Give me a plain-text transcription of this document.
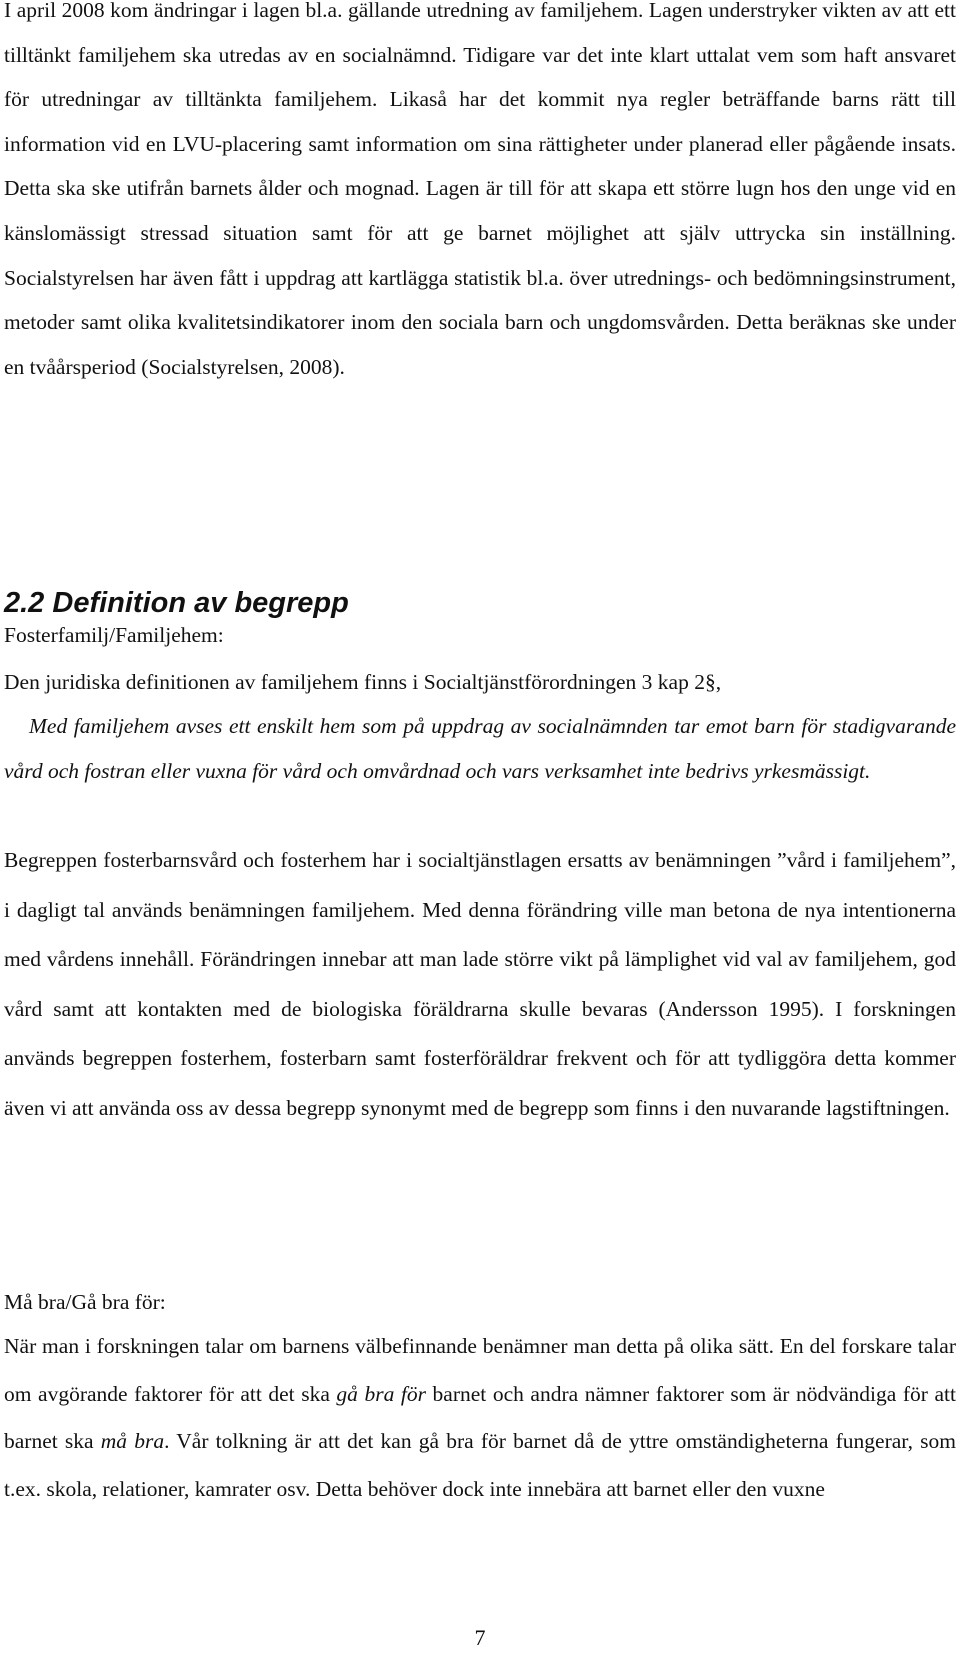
I april 2008 kom ändringar i lagen bl.a. gällande utredning av familjehem. Lagen understryker vikten av att ett tilltänkt familjehem ska utredas av en socialnämnd. Tidigare var det inte klart uttalat vem som haft ansvaret för utredningar av tilltänkta familjehem. Likaså har det kommit nya regler beträffande barns rätt till information vid en LVU-placering samt information om sina rättigheter under planerad eller pågående insats. Detta ska ske utifrån barnets ålder och mognad. Lagen är till för att skapa ett större lugn hos den unge vid en känslomässigt stressad situation samt för att ge barnet möjlighet att själv uttrycka sin inställning. Socialstyrelsen har även fått i uppdrag att kartlägga statistik bl.a. över utrednings- och bedömningsinstrument, metoder samt olika kvalitetsindikatorer inom den sociala barn och ungdomsvården. Detta beräknas ske under en tvåårsperiod (Socialstyrelsen, 2008).

2.2 Definition av begrepp

Fosterfamilj/Familjehem:

Den juridiska definitionen av familjehem finns i Socialtjänstförordningen 3 kap 2§,

Med familjehem avses ett enskilt hem som på uppdrag av socialnämnden tar emot barn för stadigvarande vård och fostran eller vuxna för vård och omvårdnad och vars verksamhet inte bedrivs yrkesmässigt.

Begreppen fosterbarnsvård och fosterhem har i socialtjänstlagen ersatts av benämningen ”vård i familjehem”, i dagligt tal används benämningen familjehem. Med denna förändring ville man betona de nya intentionerna med vårdens innehåll. Förändringen innebar att man lade större vikt på lämplighet vid val av familjehem, god vård samt att kontakten med de biologiska föräldrarna skulle bevaras (Andersson 1995). I forskningen används begreppen fosterhem, fosterbarn samt fosterföräldrar frekvent och för att tydliggöra detta kommer även vi att använda oss av dessa begrepp synonymt med de begrepp som finns i den nuvarande lagstiftningen.

Må bra/Gå bra för:

När man i forskningen talar om barnens välbefinnande benämner man detta på olika sätt. En del forskare talar om avgörande faktorer för att det ska gå bra för barnet och andra nämner faktorer som är nödvändiga för att barnet ska må bra. Vår tolkning är att det kan gå bra för barnet då de yttre omständigheterna fungerar, som t.ex. skola, relationer, kamrater osv. Detta behöver dock inte innebära att barnet eller den vuxne

7
